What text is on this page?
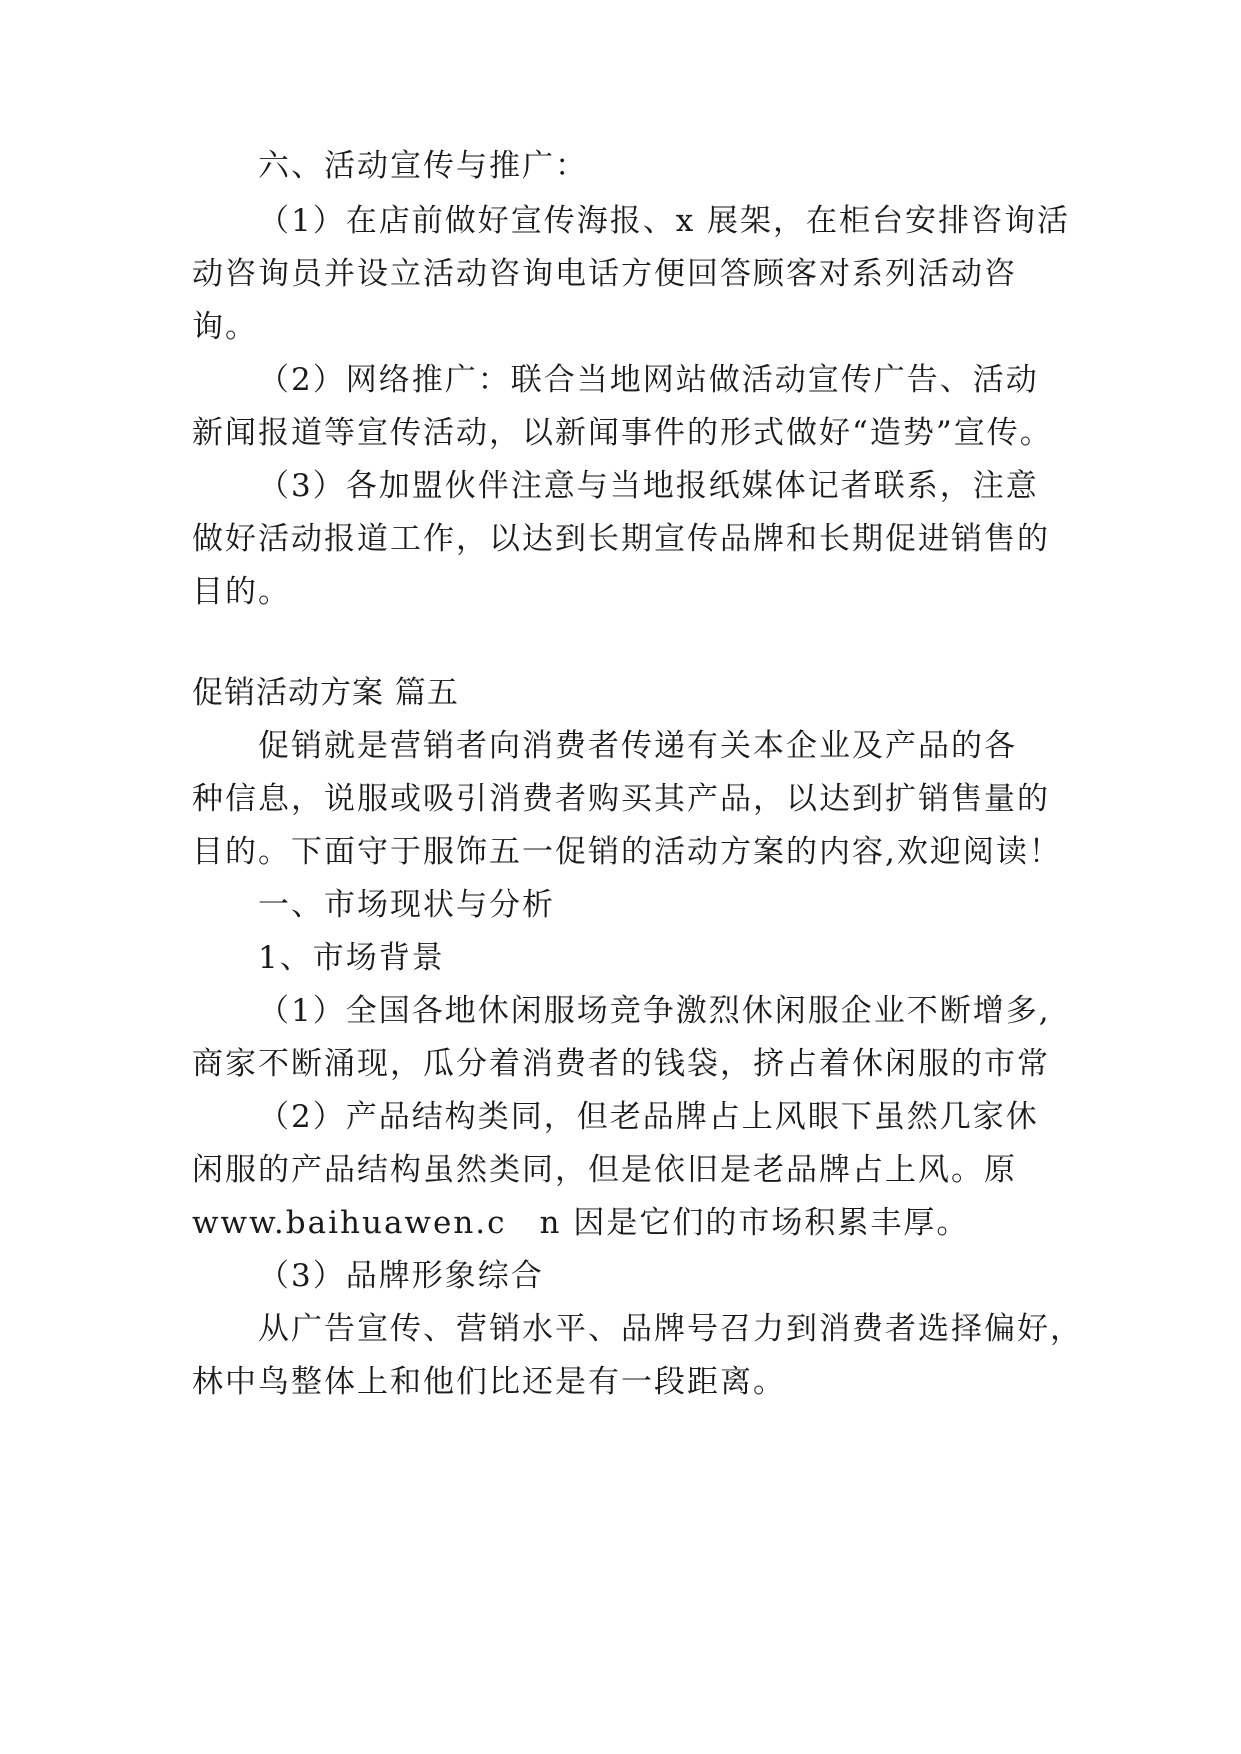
六、活动宣传与推广：
（1）在店前做好宣传海报、x 展架，在柜台安排咨询活
动咨询员并设立活动咨询电话方便回答顾客对系列活动咨
询。
（2）网络推广：联合当地网站做活动宣传广告、活动
新闻报道等宣传活动，以新闻事件的形式做好“造势”宣传。
（3）各加盟伙伴注意与当地报纸媒体记者联系，注意
做好活动报道工作，以达到长期宣传品牌和长期促进销售的
目的。
促销活动方案 篇五
促销就是营销者向消费者传递有关本企业及产品的各
种信息，说服或吸引消费者购买其产品，以达到扩销售量的
目的。下面守于服饰五一促销的活动方案的内容,欢迎阅读！
一、市场现状与分析
1、市场背景
（1）全国各地休闲服场竞争激烈休闲服企业不断增多,
商家不断涌现，瓜分着消费者的钱袋，挤占着休闲服的市常
（2）产品结构类同，但老品牌占上风眼下虽然几家休
闲服的产品结构虽然类同，但是依旧是老品牌占上风。原
www.baihuawen.c　n 因是它们的市场积累丰厚。
（3）品牌形象综合
从广告宣传、营销水平、品牌号召力到消费者选择偏好，
林中鸟整体上和他们比还是有一段距离。
